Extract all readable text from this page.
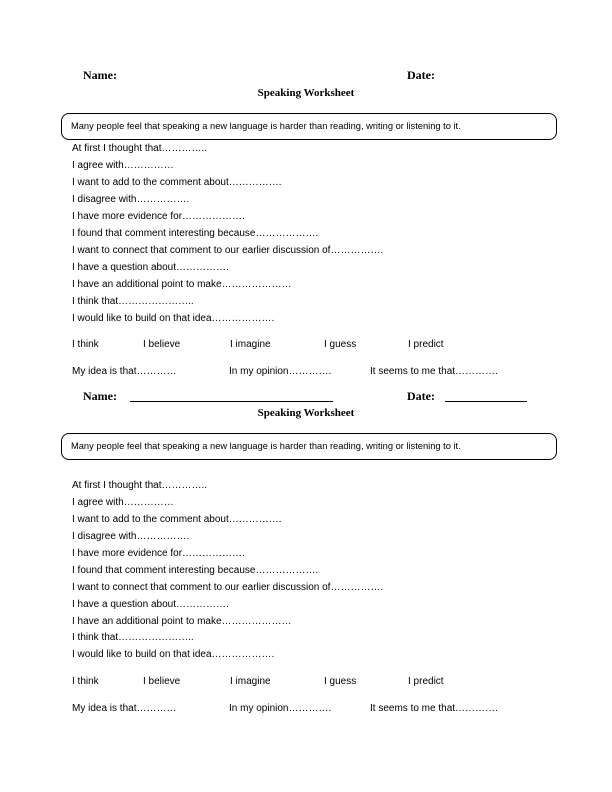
Name:	Date:
Speaking Worksheet
Many people feel that speaking a new language is harder than reading, writing or listening to it.
At first I thought that…………..
I agree with……………
I want to add to the comment about…………….
I disagree with…………….
I have more evidence for……………….
I found that comment interesting because……………….
I want to connect that comment to our earlier discussion of…………….
I have a question about…………….
I have an additional point to make…………………
I think that…………………..
I would like to build on that idea……………….
I think	I believe	I imagine	I guess	I predict
My idea is that…………	In my opinion………….	It seems to me that………….
Name:	Date:
Speaking Worksheet
Many people feel that speaking a new language is harder than reading, writing or listening to it.
At first I thought that…………..
I agree with……………
I want to add to the comment about…………….
I disagree with…………….
I have more evidence for……………….
I found that comment interesting because……………….
I want to connect that comment to our earlier discussion of…………….
I have a question about…………….
I have an additional point to make…………………
I think that…………………..
I would like to build on that idea……………….
I think	I believe	I imagine	I guess	I predict
My idea is that…………	In my opinion………….	It seems to me that………….
